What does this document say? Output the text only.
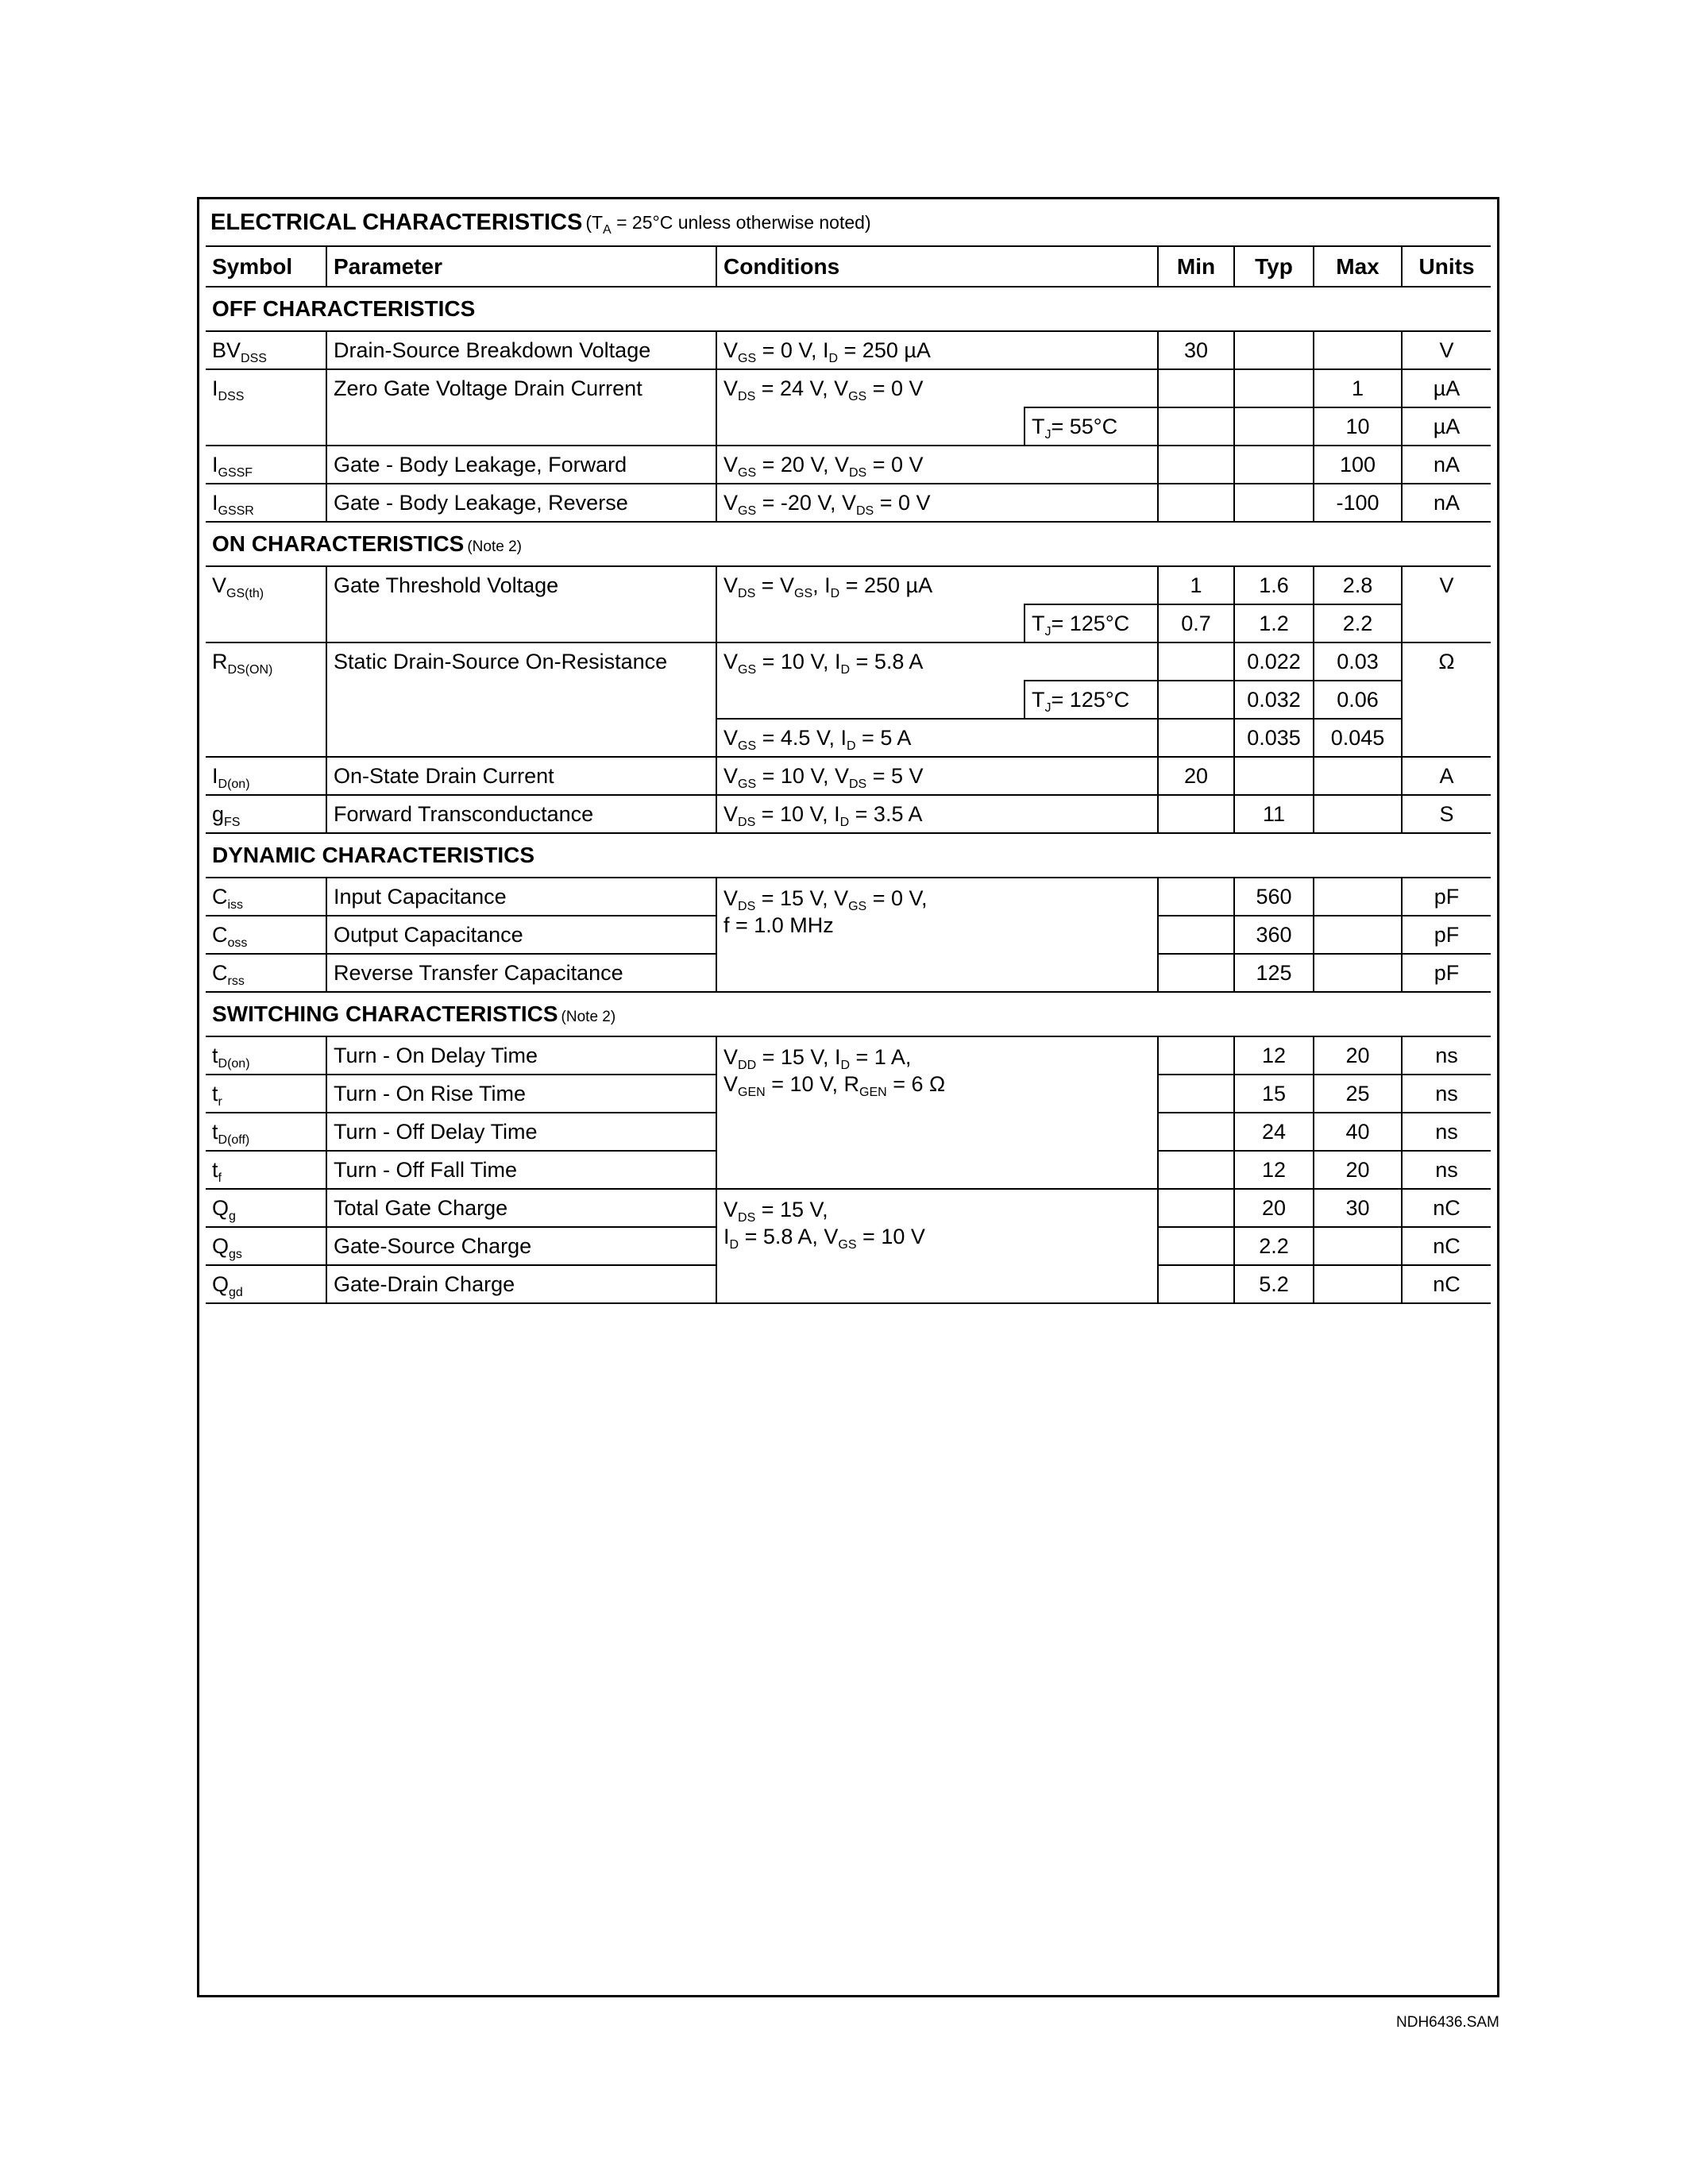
ELECTRICAL CHARACTERISTICS ($T_A = 25^\circ C$ unless otherwise noted)
Symbol	Parameter	Conditions		Min	Typ	Max	Units
OFF CHARACTERISTICS							
$BV_{DSS}$	Drain-Source Breakdown Voltage	$V_{GS} = 0$ V, $I_D = 250$ µA		30			V
$I_{DSS}$	Zero Gate Voltage Drain Current	$V_{DS} = 24$ V, $V_{GS} = 0$ V				1	µA
			$T_J= 55^\circ C$			10	µA
$I_{GSSF}$	Gate - Body Leakage, Forward	$V_{GS} = 20$ V, $V_{DS} = 0$ V				100	nA
$I_{GSSR}$	Gate - Body Leakage, Reverse	$V_{GS} = -20$ V, $V_{DS} = 0$ V				-100	nA
ON CHARACTERISTICS (Note 2)							
$V_{GS(th)}$	Gate Threshold Voltage	$V_{DS} = V_{GS}$, $I_D = 250$ µA		1	1.6	2.8	V
			$T_J= 125^\circ C$	0.7	1.2	2.2	
$R_{DS(ON)}$	Static Drain-Source On-Resistance	$V_{GS} = 10$ V, $I_D = 5.8$ A			0.022	0.03	Ω
			$T_J= 125^\circ C$		0.032	0.06	
		$V_{GS} = 4.5$ V, $I_D = 5$ A			0.035	0.045	
$I_{D(on)}$	On-State Drain Current	$V_{GS} = 10$ V, $V_{DS} = 5$ V		20			A
$g_{FS}$	Forward Transconductance	$V_{DS} = 10$ V, $I_D = 3.5$ A			11		S
DYNAMIC CHARACTERISTICS							
$C_{iss}$	Input Capacitance	$V_{DS} = 15$ V, $V_{GS} = 0$ V,
f = 1.0 MHz			560		pF
$C_{oss}$	Output Capacitance				360		pF
$C_{rss}$	Reverse Transfer Capacitance				125		pF
SWITCHING CHARACTERISTICS (Note 2)							
$t_{D(on)}$	Turn - On Delay Time	$V_{DD} = 15$ V, $I_D = 1$ A,
$V_{GEN} = 10$ V, $R_{GEN} = 6$ Ω			12	20	ns
$t_r$	Turn - On Rise Time				15	25	ns
$t_{D(off)}$	Turn - Off Delay Time				24	40	ns
$t_f$	Turn - Off Fall Time				12	20	ns
$Q_g$	Total Gate Charge	$V_{DS} = 15$ V,
$I_D = 5.8$ A, $V_{GS} = 10$ V			20	30	nC
$Q_{gs}$	Gate-Source Charge				2.2		nC
$Q_{gd}$	Gate-Drain Charge				5.2		nC
NDH6436.SAM
